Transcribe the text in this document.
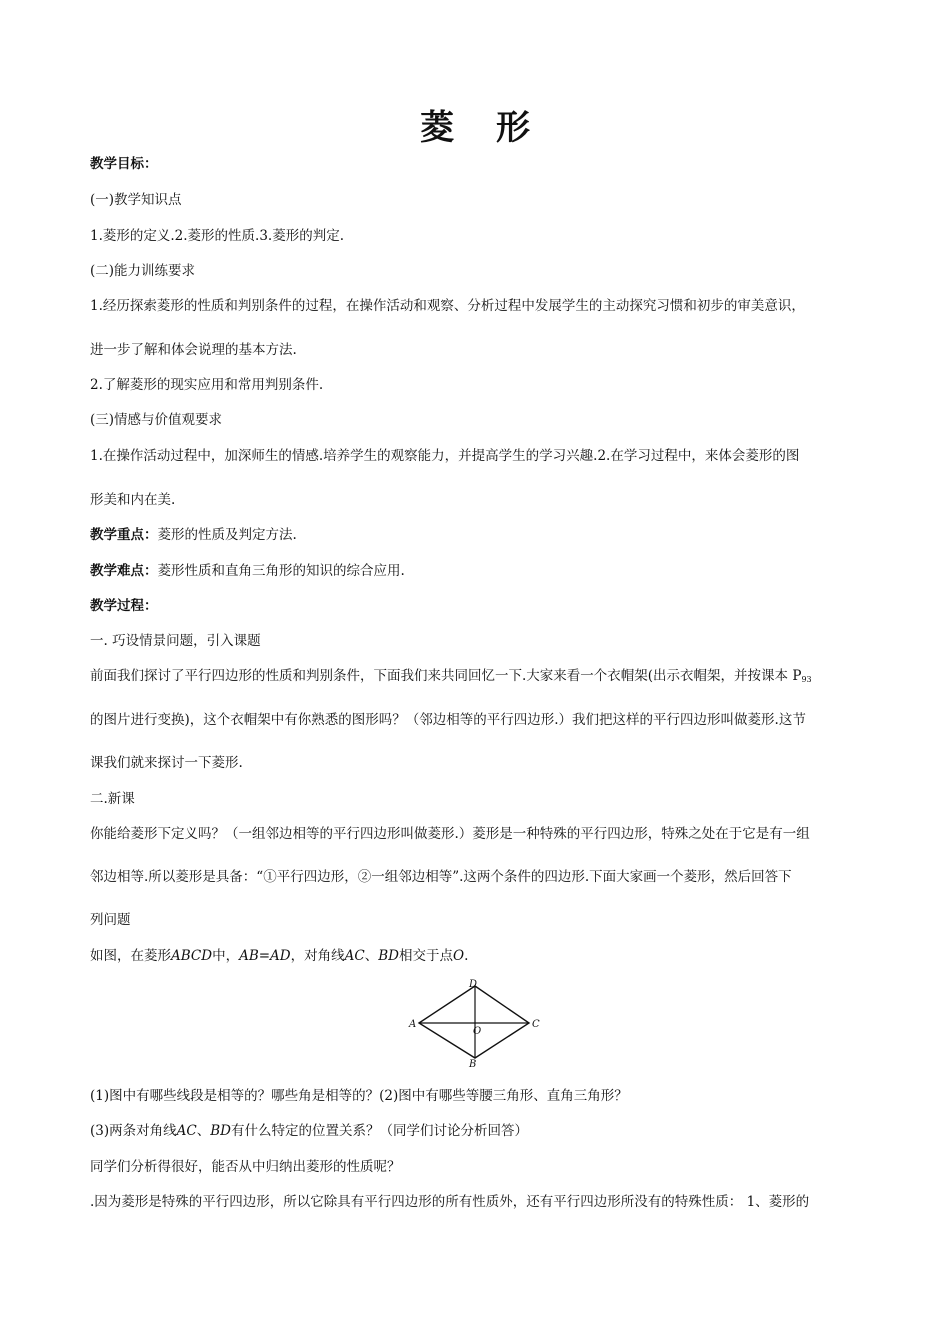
菱 形
教学目标：
(一)教学知识点
1.菱形的定义.2.菱形的性质.3.菱形的判定.
(二)能力训练要求
1.经历探索菱形的性质和判别条件的过程，在操作活动和观察、分析过程中发展学生的主动探究习惯和初步的审美意识，
进一步了解和体会说理的基本方法.
2.了解菱形的现实应用和常用判别条件.
(三)情感与价值观要求
1.在操作活动过程中，加深师生的情感.培养学生的观察能力，并提高学生的学习兴趣.2.在学习过程中，来体会菱形的图
形美和内在美.
教学重点：菱形的性质及判定方法.
教学难点：菱形性质和直角三角形的知识的综合应用.
教学过程：
一. 巧设情景问题，引入课题
前面我们探讨了平行四边形的性质和判别条件，下面我们来共同回忆一下.大家来看一个衣帽架(出示衣帽架，并按课本 $P_{93}$
的图片进行变换)，这个衣帽架中有你熟悉的图形吗？（邻边相等的平行四边形.）我们把这样的平行四边形叫做菱形.这节
课我们就来探讨一下菱形.
二.新课
你能给菱形下定义吗？（一组邻边相等的平行四边形叫做菱形.）菱形是一种特殊的平行四边形，特殊之处在于它是有一组
邻边相等.所以菱形是具备：“①平行四边形，②一组邻边相等”.这两个条件的四边形.下面大家画一个菱形，然后回答下
列问题
如图，在菱形ABCD中，AB=AD，对角线AC、BD相交于点O.
A
D
C
B
O
(1)图中有哪些线段是相等的？哪些角是相等的？(2)图中有哪些等腰三角形、直角三角形？
(3)两条对角线AC、BD有什么特定的位置关系？（同学们讨论分析回答）
同学们分析得很好，能否从中归纳出菱形的性质呢？
.因为菱形是特殊的平行四边形，所以它除具有平行四边形的所有性质外，还有平行四边形所没有的特殊性质： 1、菱形的
